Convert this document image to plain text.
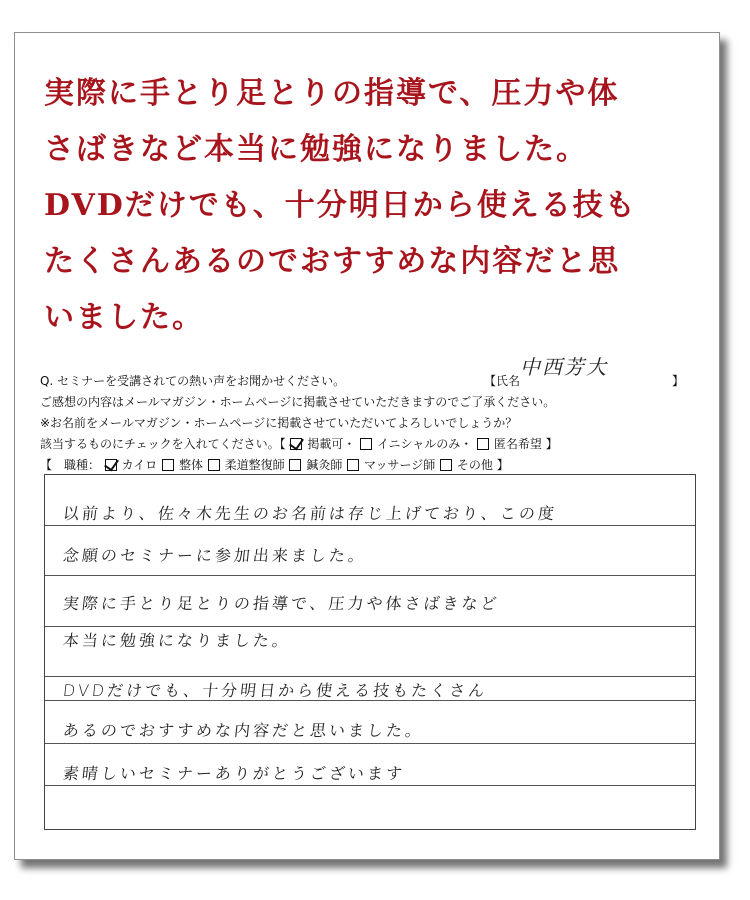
実際に手とり足とりの指導で、圧力や体
さばきなど本当に勉強になりました。
DVDだけでも、十分明日から使える技も
たくさんあるのでおすすめな内容だと思
いました。
Q. セミナーを受講されての熱い声をお聞かせください。	【氏名
中西芳大
】
ご感想の内容はメールマガジン・ホームページに掲載させていただきますのでご了承ください。
※お名前をメールマガジン・ホームページに掲載させていただいてよろしいでしょうか？
該当するものにチェックを入れてください。【 掲載可・ イニシャルのみ・ 匿名希望 】
【　職種： カイロ 整体 柔道整復師 鍼灸師 マッサージ師 その他 】
以前より、佐々木先生のお名前は存じ上げており、この度
念願のセミナーに参加出来ました。
実際に手とり足とりの指導で、圧力や体さばきなど
本当に勉強になりました。
DVDだけでも、十分明日から使える技もたくさん
あるのでおすすめな内容だと思いました。
素晴しいセミナーありがとうございます
